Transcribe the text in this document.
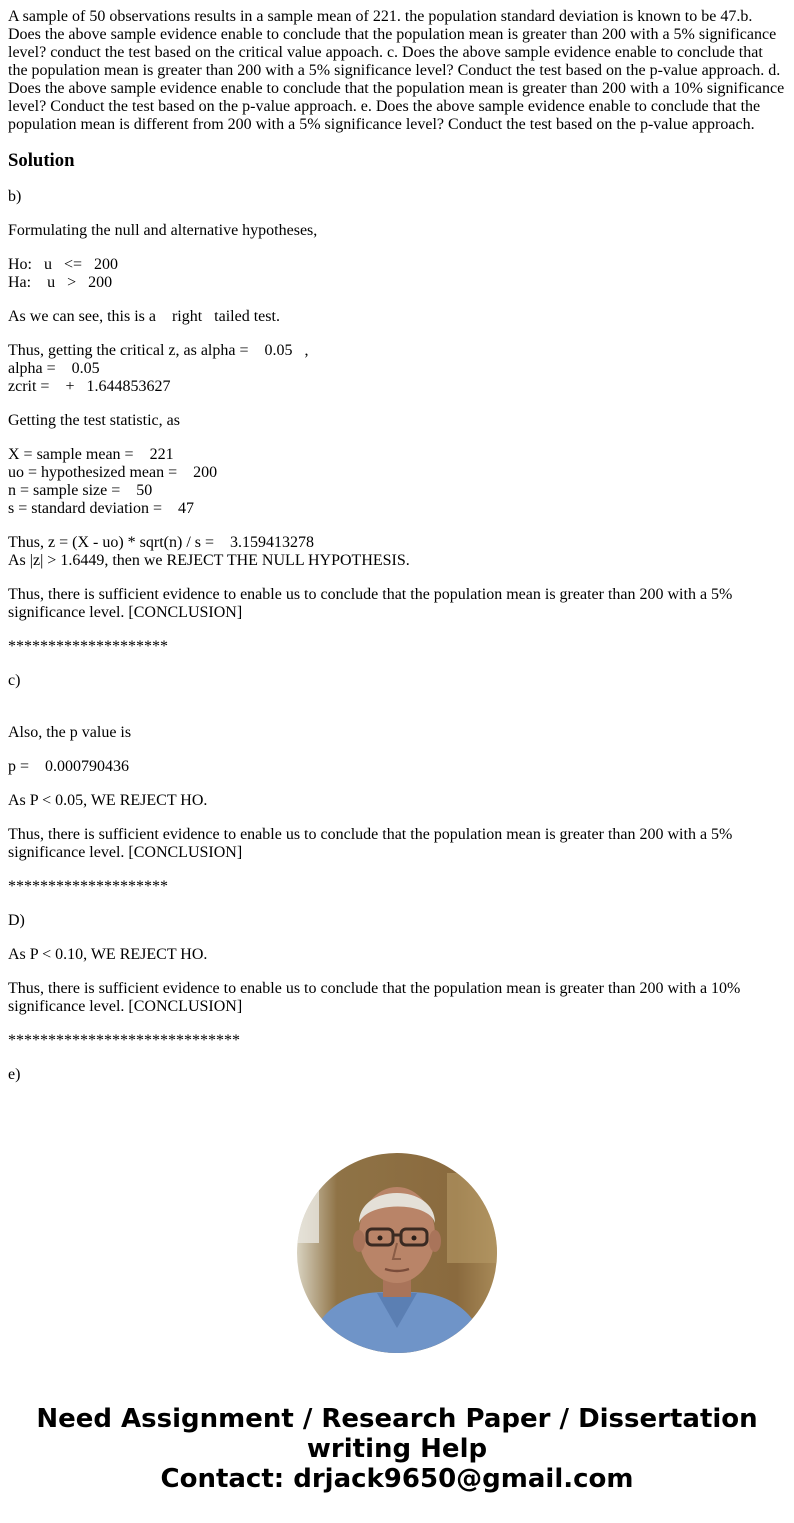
A sample of 50 observations results in a sample mean of 221. the population standard deviation is known to be 47.b.  Does the above sample evidence enable to conclude that the population mean is greater than 200 with a 5% significance level? conduct the test based on the critical value appoach. c. Does the above sample evidence enable to conclude that the population mean is greater than 200 with a 5% significance level? Conduct the test based on the p-value approach. d. Does the above sample evidence enable to conclude that the population mean is greater than 200 with a 10% significance level? Conduct the test based on the p-value approach. e. Does the above sample evidence enable to conclude that the population mean is different from 200 with a 5% significance level? Conduct the test based on the p-value approach.

Solution

b)

Formulating the null and alternative hypotheses,

Ho:   u   <=   200
Ha:    u   >   200

As we can see, this is a    right   tailed test.

Thus, getting the critical z, as alpha =    0.05   ,
alpha =    0.05
zcrit =    +   1.644853627

Getting the test statistic, as

X = sample mean =    221
uo = hypothesized mean =    200
n = sample size =    50
s = standard deviation =    47

Thus, z = (X - uo) * sqrt(n) / s =    3.159413278
As |z| > 1.6449, then we REJECT THE NULL HYPOTHESIS.

Thus, there is sufficient evidence to enable us to conclude that the population mean is greater than 200 with a 5% significance level. [CONCLUSION]

********************

c)

Also, the p value is

p =    0.000790436

As P < 0.05, WE REJECT HO.

Thus, there is sufficient evidence to enable us to conclude that the population mean is greater than 200 with a 5% significance level. [CONCLUSION]

********************

D)

As P < 0.10, WE REJECT HO.

Thus, there is sufficient evidence to enable us to conclude that the population mean is greater than 200 with a 10% significance level. [CONCLUSION]

*****************************

e)

Need Assignment / Research Paper / Dissertation
writing Help
Contact: drjack9650@gmail.com
